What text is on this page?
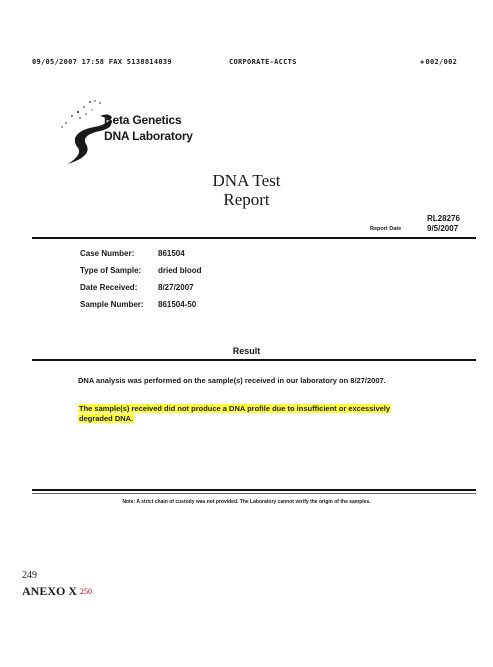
09/05/2007 17:58 FAX 5138814039	CORPORATE-ACCTS	❖ 002/002
Beta Genetics
DNA Laboratory
DNA Test
Report
RL28276
Report Date	9/5/2007
Case Number:	861504
Type of Sample: dried blood
Date Received:	8/27/2007
Sample Number: 861504-50
Result
DNA analysis was performed on the sample(s) received in our laboratory on 8/27/2007.
The sample(s) received did not produce a DNA profile due to insufficient or excessively
degraded DNA.
Note: A strict chain of custody was not provided. The Laboratory cannot verify the origin of the samples.
249
ANEXO X 250
